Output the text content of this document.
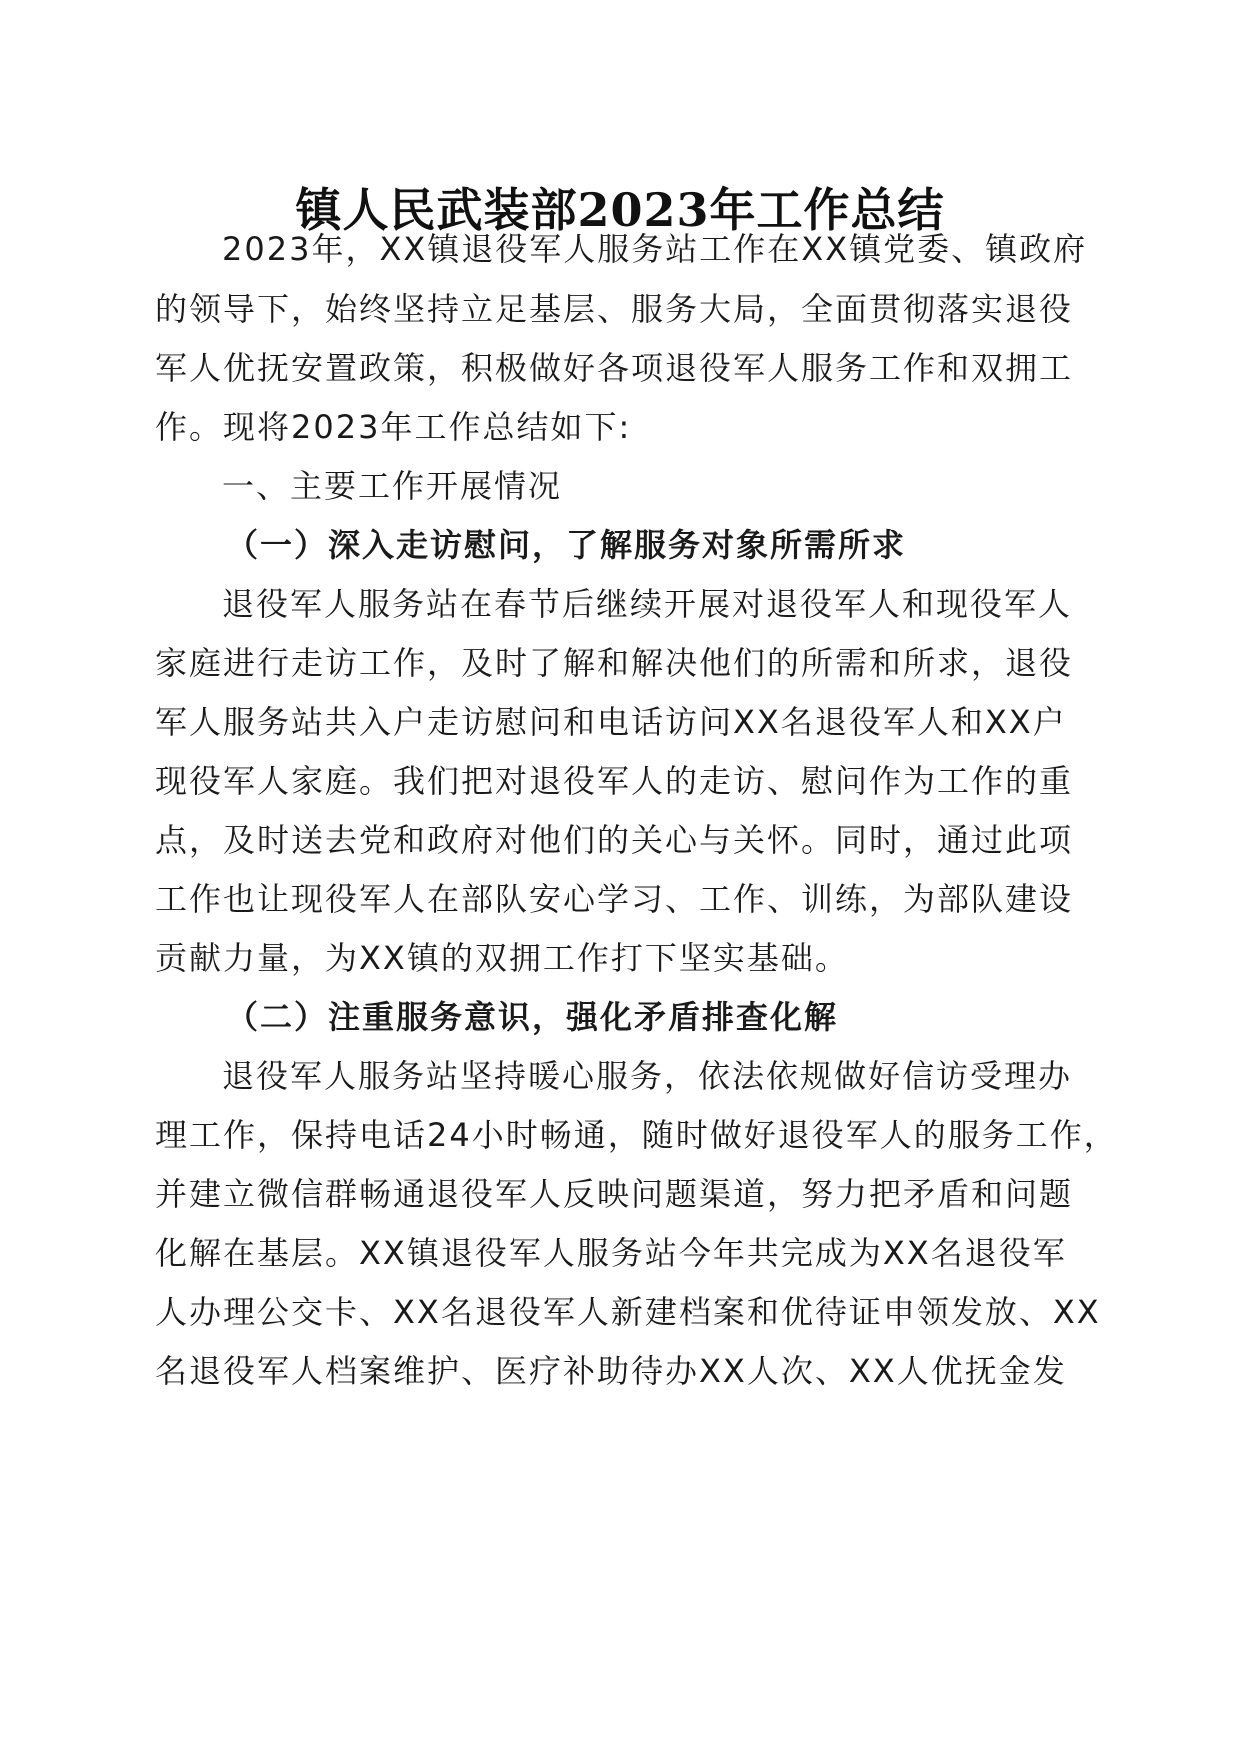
镇人民武装部2023年工作总结
2023年，XX镇退役军人服务站工作在XX镇党委、镇政府
的领导下，始终坚持立足基层、服务大局，全面贯彻落实退役
军人优抚安置政策，积极做好各项退役军人服务工作和双拥工
作。现将2023年工作总结如下:
一、主要工作开展情况
（一）深入走访慰问，了解服务对象所需所求
退役军人服务站在春节后继续开展对退役军人和现役军人
家庭进行走访工作，及时了解和解决他们的所需和所求，退役
军人服务站共入户走访慰问和电话访问XX名退役军人和XX户
现役军人家庭。我们把对退役军人的走访、慰问作为工作的重
点，及时送去党和政府对他们的关心与关怀。同时，通过此项
工作也让现役军人在部队安心学习、工作、训练，为部队建设
贡献力量，为XX镇的双拥工作打下坚实基础。
（二）注重服务意识，强化矛盾排查化解
退役军人服务站坚持暖心服务，依法依规做好信访受理办
理工作，保持电话24小时畅通，随时做好退役军人的服务工作，
并建立微信群畅通退役军人反映问题渠道，努力把矛盾和问题
化解在基层。XX镇退役军人服务站今年共完成为XX名退役军
人办理公交卡、XX名退役军人新建档案和优待证申领发放、XX
名退役军人档案维护、医疗补助待办XX人次、XX人优抚金发
